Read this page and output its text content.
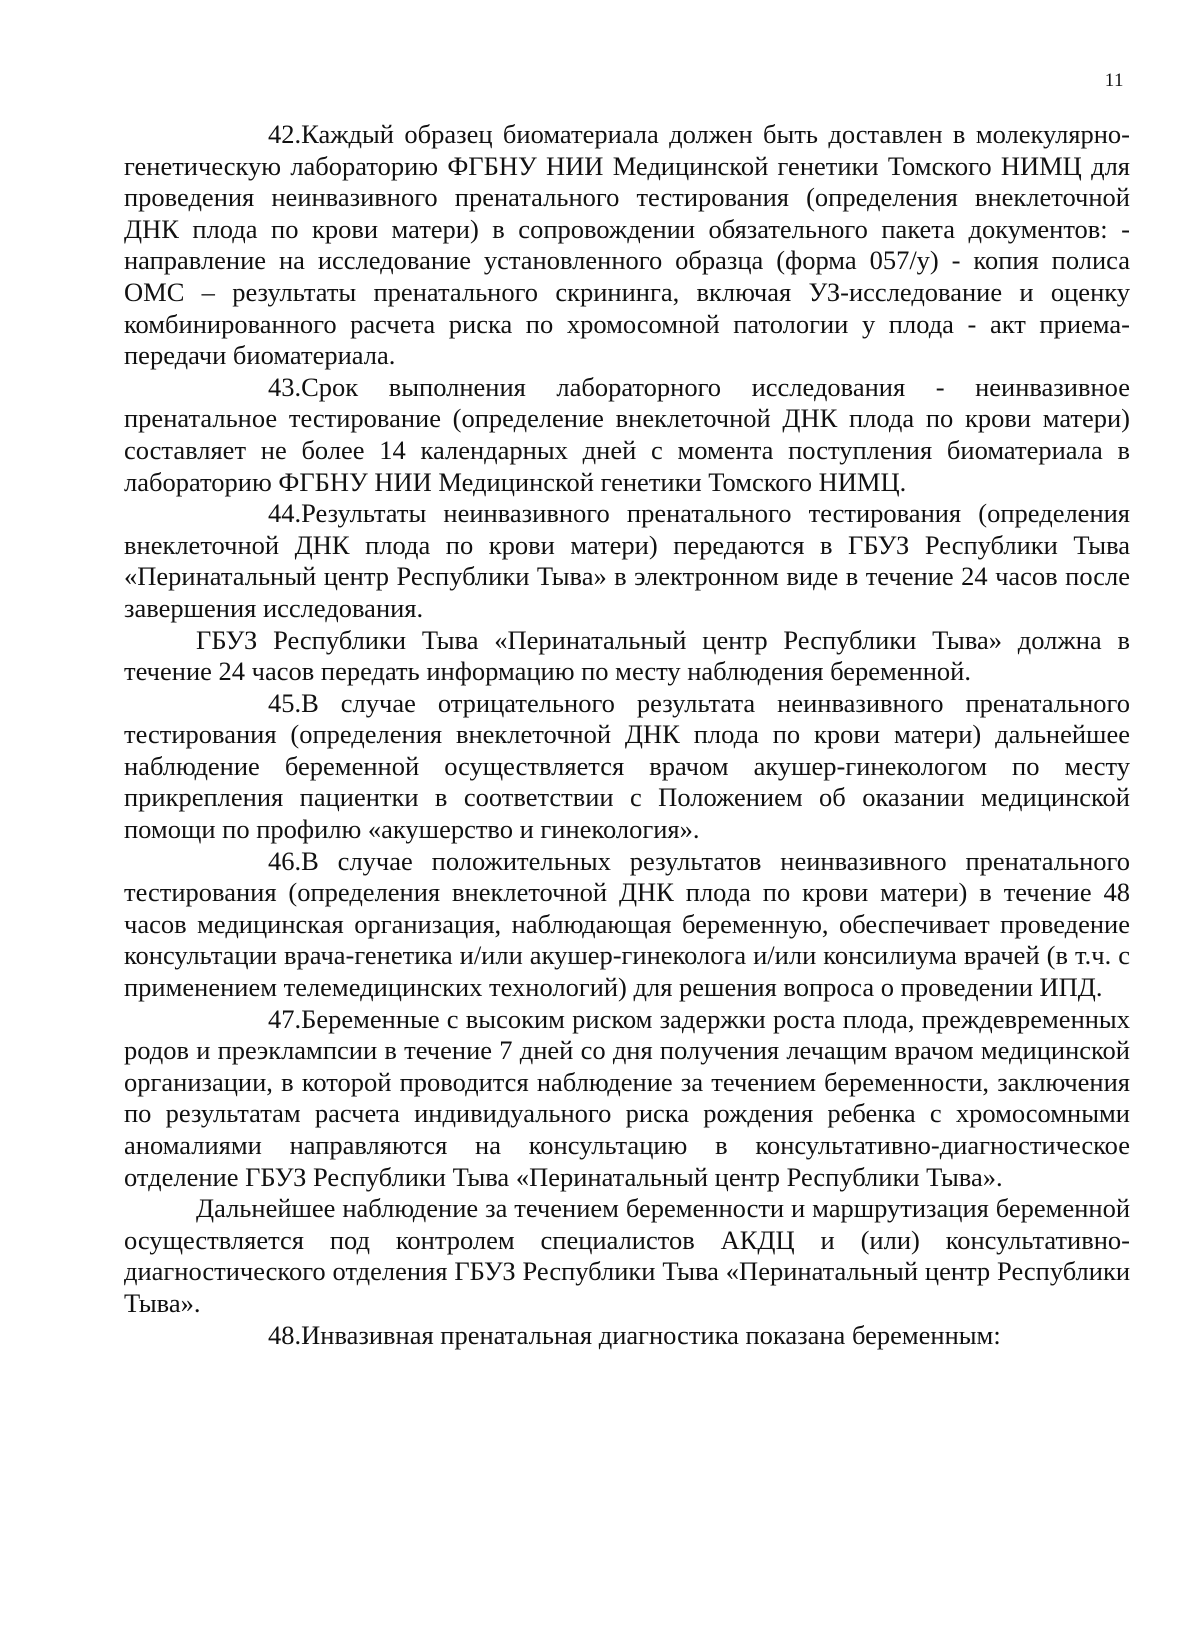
11

42.Каждый образец биоматериала должен быть доставлен в молекулярно-генетическую лабораторию ФГБНУ НИИ Медицинской генетики Томского НИМЦ для проведения неинвазивного пренатального тестирования (определения внеклеточной ДНК плода по крови матери) в сопровождении обязательного пакета документов: - направление на исследование установленного образца (форма 057/у) - копия полиса ОМС – результаты пренатального скрининга, включая УЗ-исследование и оценку комбинированного расчета риска по хромосомной патологии у плода - акт приема-передачи биоматериала.

43.Срок выполнения лабораторного исследования - неинвазивное пренатальное тестирование (определение внеклеточной ДНК плода по крови матери) составляет не более 14 календарных дней с момента поступления биоматериала в лабораторию ФГБНУ НИИ Медицинской генетики Томского НИМЦ.

44.Результаты неинвазивного пренатального тестирования (определения внеклеточной ДНК плода по крови матери) передаются в ГБУЗ Республики Тыва «Перинатальный центр Республики Тыва» в электронном виде в течение 24 часов после завершения исследования.

ГБУЗ Республики Тыва «Перинатальный центр Республики Тыва» должна в течение 24 часов передать информацию по месту наблюдения беременной.

45.В случае отрицательного результата неинвазивного пренатального тестирования (определения внеклеточной ДНК плода по крови матери) дальнейшее наблюдение беременной осуществляется врачом акушер-гинекологом по месту прикрепления пациентки в соответствии с Положением об оказании медицинской помощи по профилю «акушерство и гинекология».

46.В случае положительных результатов неинвазивного пренатального тестирования (определения внеклеточной ДНК плода по крови матери) в течение 48 часов медицинская организация, наблюдающая беременную, обеспечивает проведение консультации врача-генетика и/или акушер-гинеколога и/или консилиума врачей (в т.ч. с применением телемедицинских технологий) для решения вопроса о проведении ИПД.

47.Беременные с высоким риском задержки роста плода, преждевременных родов и преэклампсии в течение 7 дней со дня получения лечащим врачом медицинской организации, в которой проводится наблюдение за течением беременности, заключения по результатам расчета индивидуального риска рождения ребенка с хромосомными аномалиями направляются на консультацию в консультативно-диагностическое отделение ГБУЗ Республики Тыва «Перинатальный центр Республики Тыва».

Дальнейшее наблюдение за течением беременности и маршрутизация беременной осуществляется под контролем специалистов АКДЦ и (или) консультативно-диагностического отделения ГБУЗ Республики Тыва «Перинатальный центр Республики Тыва».

48.Инвазивная пренатальная диагностика показана беременным:
